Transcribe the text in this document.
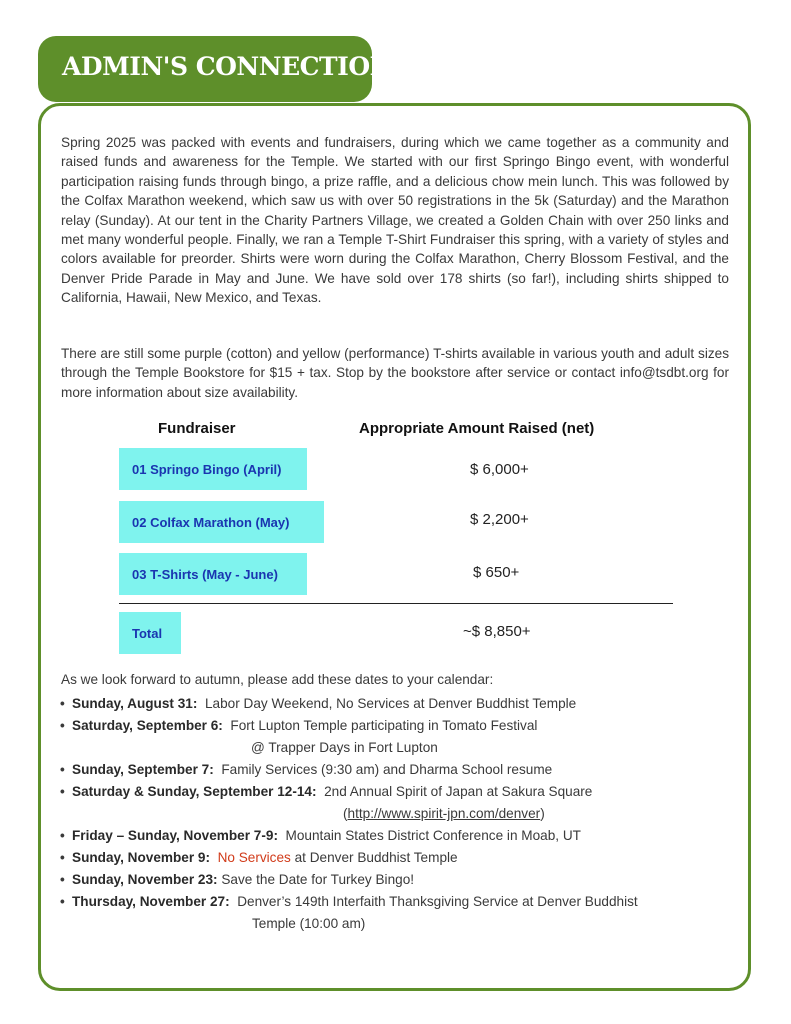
ADMIN'S CONNECTION

Spring 2025 was packed with events and fundraisers, during which we came together as a community and raised funds and awareness for the Temple. We started with our first Springo Bingo event, with wonderful participation raising funds through bingo, a prize raffle, and a delicious chow mein lunch. This was followed by the Colfax Marathon weekend, which saw us with over 50 registrations in the 5k (Saturday) and the Marathon relay (Sunday). At our tent in the Charity Partners Village, we created a Golden Chain with over 250 links and met many wonderful people. Finally, we ran a Temple T-Shirt Fundraiser this spring, with a variety of styles and colors available for preorder. Shirts were worn during the Colfax Marathon, Cherry Blossom Festival, and the Denver Pride Parade in May and June. We have sold over 178 shirts (so far!), including shirts shipped to California, Hawaii, New Mexico, and Texas.

There are still some purple (cotton) and yellow (performance) T-shirts available in various youth and adult sizes through the Temple Bookstore for $15 + tax. Stop by the bookstore after service or contact info@tsdbt.org for more information about size availability.

Fundraiser	Appropriate Amount Raised (net)
01 Springo Bingo (April)	$ 6,000+
02 Colfax Marathon (May)	$ 2,200+
03 T-Shirts (May - June)	$ 650+
Total	~$ 8,850+
As we look forward to autumn, please add these dates to your calendar:
• Sunday, August 31: Labor Day Weekend, No Services at Denver Buddhist Temple
• Saturday, September 6: Fort Lupton Temple participating in Tomato Festival
@ Trapper Days in Fort Lupton
• Sunday, September 7: Family Services (9:30 am) and Dharma School resume
• Saturday & Sunday, September 12-14: 2nd Annual Spirit of Japan at Sakura Square
(http://www.spirit-jpn.com/denver)
• Friday – Sunday, November 7-9: Mountain States District Conference in Moab, UT
• Sunday, November 9: No Services at Denver Buddhist Temple
• Sunday, November 23: Save the Date for Turkey Bingo!
• Thursday, November 27: Denver’s 149th Interfaith Thanksgiving Service at Denver Buddhist
Temple (10:00 am)
